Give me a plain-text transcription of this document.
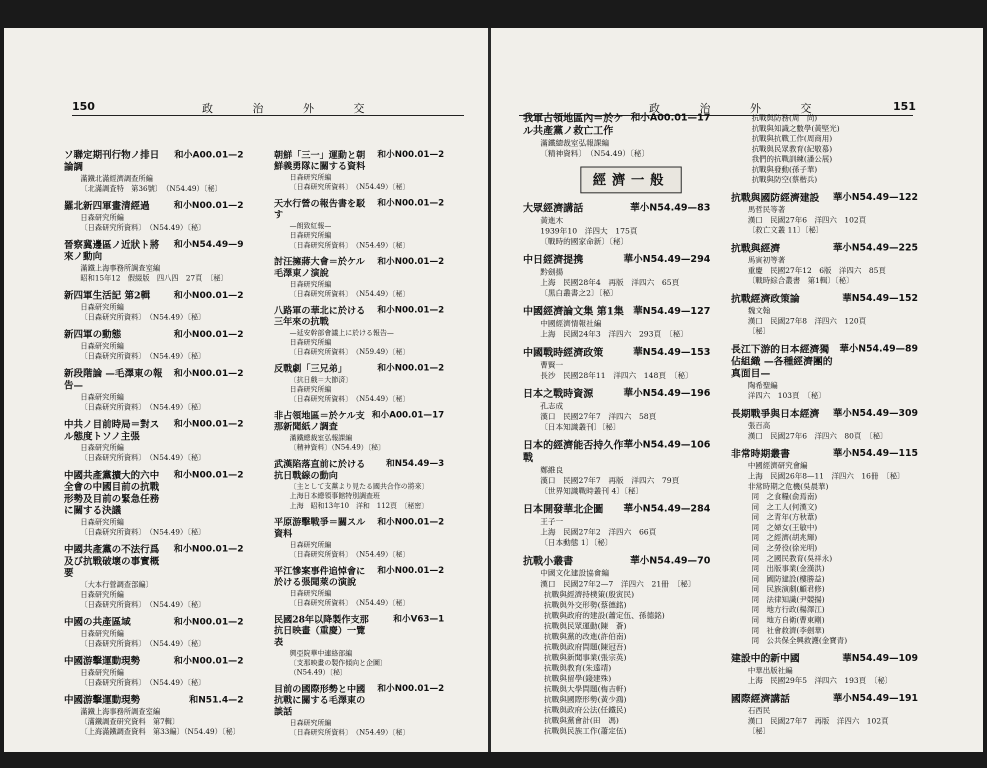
150	政 治 外 交
ソ聯定期刊行物ノ排日論調
和小A00.01—2
滿鐵北滿經濟調查所編
〔北滿調査特　第36號〕　（N54.49）〔秘〕
羅北新四軍畫清經過	和小N00.01—2
日森研究所編
〔日森研究所資料〕　（N54.49）〔秘〕
晉察冀邊區ノ近狀ト將來ノ動向
和小N54.49—9
滿鐵上海事務所調查室編
昭和15年12　假綴版　四八四　27頁　〔秘〕
新四軍生活記 第2輯	和小N00.01—2
日森研究所編
〔日森研究所資料〕　（N54.49）〔秘〕
新四軍の動態	和小N00.01—2
日森研究所編
〔日森研究所資料〕　（N54.49）〔秘〕
新段階論 —毛澤東の報告—
和小N00.01—2
日森研究所編
〔日森研究所資料〕　（N54.49）〔秘〕
中共ノ目前時局＝對スル態度トソノ主張
和小N00.01—2
日森研究所編
〔日森研究所資料〕　（N54.49）〔秘〕
中國共產黨擴大的六中全會の中國目前の抗戰形勢及目前の緊急任務に關する決議
和小N00.01—2
日森研究所編
〔日森研究所資料〕　（N54.49）〔秘〕
中國共產黨の不法行爲及び抗戰破壞の事實概要
和小N00.01—2
〔大本行營調查部編〕
日森研究所編
〔日森研究所資料〕　（N54.49）〔秘〕
中國の共產區域	和小N00.01—2
日森研究所編
〔日森研究所資料〕　（N54.49）〔秘〕
中國游擊運動現勢	和小N00.01—2
日森研究所編
〔日森研究所資料〕　（N54.49）〔秘〕
中國游擊運動現勢	和N51.4—2
滿鐵上海事務所調查室編
〔滿鐵調查研究資料　第7輯〕
〔上海滿鐵調查資料　第33編〕（N54.49）〔秘〕
朝鮮「三一」運動と朝鮮義勇隊に關する資料
和小N00.01—2
日森研究所編
〔日森研究所資料〕　（N54.49）〔秘〕
天水行營の報告書を駁す
和小N00.01—2
—朗致紅報—
日森研究所編
〔日森研究所資料〕　（N54.49）〔秘〕
討汪擁蔣大會＝於ケル毛澤東ノ演說
和小N00.01—2
日森研究所編
〔日森研究所資料〕　（N54.49）〔秘〕
八路軍の華北に於ける三年來の抗戰
和小N00.01—2
—延安幹部會議上に於ける報告—
日森研究所編
〔日森研究所資料〕　（N59.49）〔秘〕
反戰劇「三兄弟」	和小N00.01—2
〔抗日戲＝大節済〕
日森研究所編
〔日森研究所資料〕　（N54.49）〔秘〕
非占領地區＝於ケル支那新聞紙ノ調査
和小A00.01—17
滿鐵總裁室弘報課編
〔精神資料〕（N54.49）〔秘〕
武漢陷落直前に於ける抗日戰線の動向
和N54.49—3
〔主として支黨より見たる國共合作の將來〕
上海日本總領事館特別調查班
上海　昭和13年10　洋和　112頁　〔秘密〕
平原游擊戰爭＝關スル資料
和小N00.01—2
日森研究所編
〔日森研究所資料〕　（N54.49）〔秘〕
平江慘案事件追悼會に於ける張聞萊の演說
和小N00.01—2
日森研究所編
〔日森研究所資料〕　（N54.49）〔秘〕
民國28年以降製作支那抗日映畫（重慶）一覽表
和小V63—1
興亞院華中連絡部編
〔支那映畫の製作傾向と企圖〕
（N54.49）〔秘〕
目前の國際形勢と中國抗戰に關する毛澤東の談話
和小N00.01—2
日森研究所編
〔日森研究所資料〕　（N54.49）〔秘〕
政 治 外 交	151
我軍占領地區內＝於ケル共產黨ノ救亡工作
和小A00.01—17
滿鐵總裁室弘報課編
〔精神資料〕　（N54.49）〔秘〕
經濟一般
大眾經濟講話	華小N54.49—83
黃進木
1939年10　洋四大　175頁
〔戰時的國家命新〕〔秘〕
中日經濟提携	華小N54.49—294
黔劍揚
上海　民國28年4　再版　洋四六　65頁
〔黑白叢書之2〕〔秘〕
中國經濟論文集 第1集 華N54.49—127
中國經濟情報社編
上海　民國24年3　洋四六　293頁　〔秘〕
中國戰時經濟政策	華N54.49—153
曹賢一
長沙　民國28年11　洋四六　148頁　〔秘〕
日本之戰時資源	華小N54.49—196
孔志成
漢口　民國27年7　洋四六　58頁
〔日本知識叢刊〕〔秘〕
日本的經濟能否持久作戰
華小N54.49—106
鄭維良
漢口　民國27年7　再版　洋四六　79頁
〔世界知識戰時叢刊 4〕〔秘〕
日本開發華北企圖	華小N54.49—284
王子一
上海　民國27年2　洋四六　66頁
〔日本動態 1〕〔秘〕
抗戰小叢書	華小N54.49—70
中國文化建設協會編
漢口　民國27年2—7　洋四六　21冊　〔秘〕
抗戰與經濟持樸策(殷寅民)
抗戰與外交形勢(蔡德銘)
抗戰與政府的建設(蕭定伍、孫德銘)
抗戰與民眾運動(陳　蒼)
抗戰與黨的改進(許伯南)
抗戰與政府問題(陳冠吾)
抗戰與新聞事業(張宗英)
抗戰與教育(朱遠靖)
抗戰與留學(錢建殊)
抗戰與大學問題(梅吉軒)
抗戰與國際形勢(黃少鴻)
抗戰與政府公法(任鐵民)
抗戰與黨會計(田　馮)
抗戰與民族工作(蕭定伍)
抗戰與防務(周　尚)
抗戰與知識之數學(黃堅光)
抗戰與抗戰工作(周商用)
抗戰與民眾教育(紀敬慕)
我們的抗戰訓練(潘公展)
抗戰與發動(孫子華)
抗戰與防空(蔡楷兵)
抗戰與國防經濟建設	華小N54.49—122
馬哲民等著
漢口　民國27年6　洋四六　102頁
〔救亡文叢 11〕〔秘〕
抗戰與經濟	華小N54.49—225
馬寅初等著
重慶　民國27年12　6版　洋四六　85頁
〔戰時綜合叢書　第1輯〕〔秘〕
抗戰經濟政策論	華N54.49—152
魏文翰
漢口　民國27年8　洋四六　120頁
〔秘〕
長江下游的日本經濟獨佔組織 —各種經濟團的真面目—
華小N54.49—89
陶希聖編
洋四六　103頁　〔秘〕
長期戰爭與日本經濟	華小N54.49—309
張百高
漢口　民國27年6　洋四六　80頁　〔秘〕
非常時期叢書	華小N54.49—115
中國經濟研究會編
上海　民國26年8—11　洋四六　16冊　〔秘〕
非常時期之危機(吳晨華)
同　之食糧(俞焉南)
同　之工人(何漢文)
同　之青年(方秋葦)
同　之婦女(王敏中)
同　之經濟(胡兆輝)
同　之勞役(徐光明)
同　之國民教育(吳祥永)
同　出版事業(金漢洪)
同　國防建設(樓勝益)
同　民族演劇(顧君修)
同　法律知識(尹競揚)
同　地方行政(楊澤江)
同　地方自衛(曹東剛)
同　社會救濟(李劍華)
同　公共保全興救護(金寶青)
建設中的新中國	華N54.49—109
中華出版社編
上海　民國29年5　洋四六　193頁　〔秘〕
國際經濟講話	華小N54.49—191
石西民
漢口　民國27年7　再版　洋四六　102頁
〔秘〕
